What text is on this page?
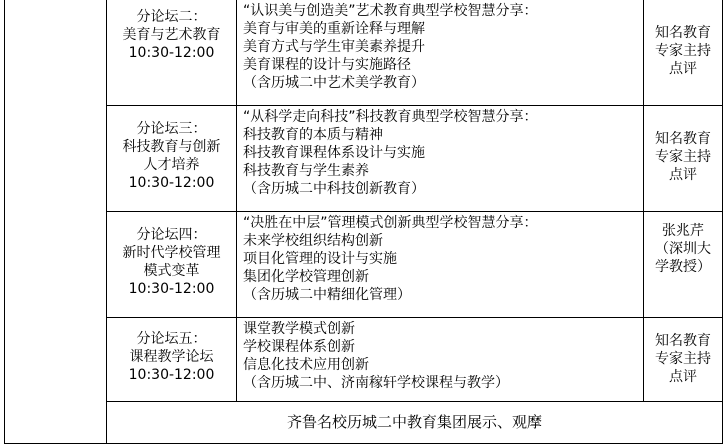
分论坛二：
美育与艺术教育
10:30-12:00
“认识美与创造美”艺术教育典型学校智慧分享：
美育与审美的重新诠释与理解
美育方式与学生审美素养提升
美育课程的设计与实施路径
（含历城二中艺术美学教育）
知名教育
专家主持
点评
分论坛三：
科技教育与创新
人才培养
10:30-12:00
“从科学走向科技”科技教育典型学校智慧分享：
科技教育的本质与精神
科技教育课程体系设计与实施
科技教育与学生素养
（含历城二中科技创新教育）
知名教育
专家主持
点评
分论坛四：
新时代学校管理
模式变革
10:30-12:00
“决胜在中层”管理模式创新典型学校智慧分享：
未来学校组织结构创新
项目化管理的设计与实施
集团化学校管理创新
（含历城二中精细化管理）
张兆芹
（深圳大
学教授）
分论坛五：
课程教学论坛
10:30-12:00
课堂教学模式创新
学校课程体系创新
信息化技术应用创新
（含历城二中、济南稼轩学校课程与教学）
知名教育
专家主持
点评
齐鲁名校历城二中教育集团展示、观摩
